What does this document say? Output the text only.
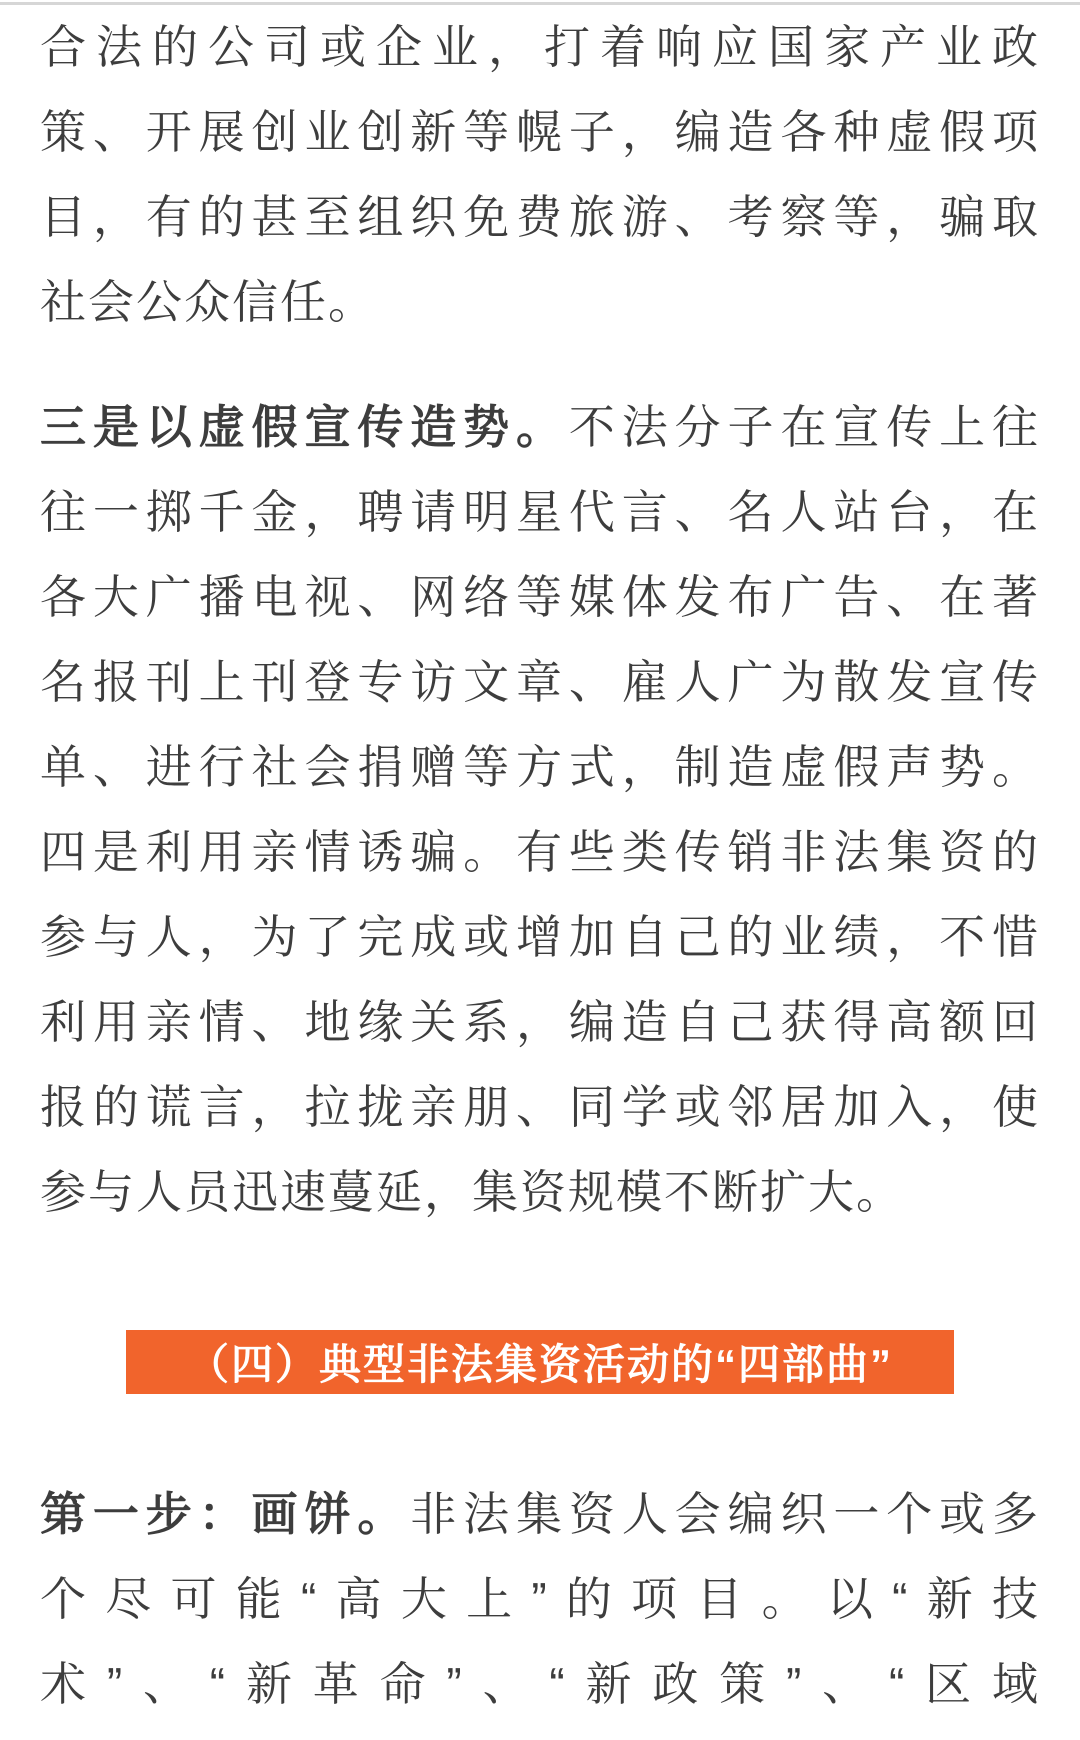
合法的公司或企业，打着响应国家产业政
策、开展创业创新等幌子，编造各种虚假项
目，有的甚至组织免费旅游、考察等，骗取
社会公众信任。
三是以虚假宣传造势。不法分子在宣传上往
往一掷千金，聘请明星代言、名人站台，在
各大广播电视、网络等媒体发布广告、在著
名报刊上刊登专访文章、雇人广为散发宣传
单、进行社会捐赠等方式，制造虚假声势。
四是利用亲情诱骗。有些类传销非法集资的
参与人，为了完成或增加自己的业绩，不惜
利用亲情、地缘关系，编造自己获得高额回
报的谎言，拉拢亲朋、同学或邻居加入，使
参与人员迅速蔓延，集资规模不断扩大。
（四）典型非法集资活动的“四部曲”
第一步：画饼。非法集资人会编织一个或多
个尽可能“高大上”的项目。以“新技
术”、“新革命”、“新政策”、“区域
